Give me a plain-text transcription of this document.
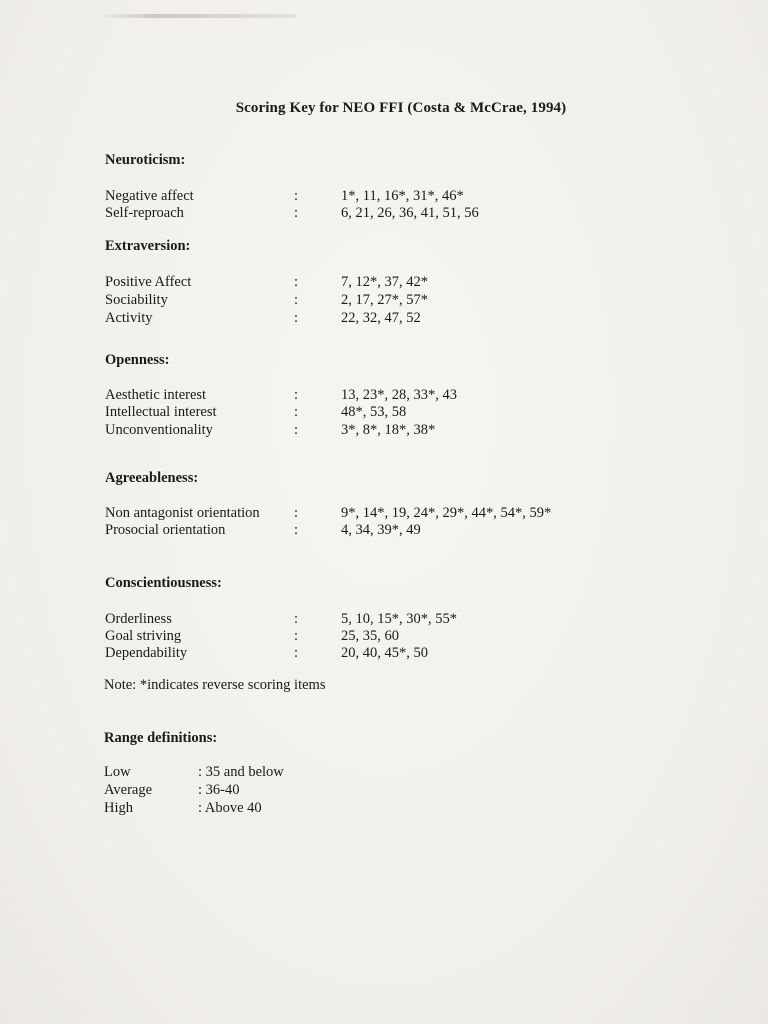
Scoring Key for NEO FFI (Costa & McCrae, 1994)
Neuroticism:
Negative affect	:	1*, 11, 16*, 31*, 46*
Self-reproach	:	6, 21, 26, 36, 41, 51, 56
Extraversion:
Positive Affect	:	7, 12*, 37, 42*
Sociability	:	2, 17, 27*, 57*
Activity	:	22, 32, 47, 52
Openness:
Aesthetic interest	:	13, 23*, 28, 33*, 43
Intellectual interest	:	48*, 53, 58
Unconventionality	:	3*, 8*, 18*, 38*
Agreeableness:
Non antagonist orientation :	9*, 14*, 19, 24*, 29*, 44*, 54*, 59*
Prosocial orientation	:	4, 34, 39*, 49
Conscientiousness:
Orderliness	:	5, 10, 15*, 30*, 55*
Goal striving	:	25, 35, 60
Dependability	:	20, 40, 45*, 50
Note: *indicates reverse scoring items
Range definitions:
Low	: 35 and below
Average	: 36-40
High	: Above 40
